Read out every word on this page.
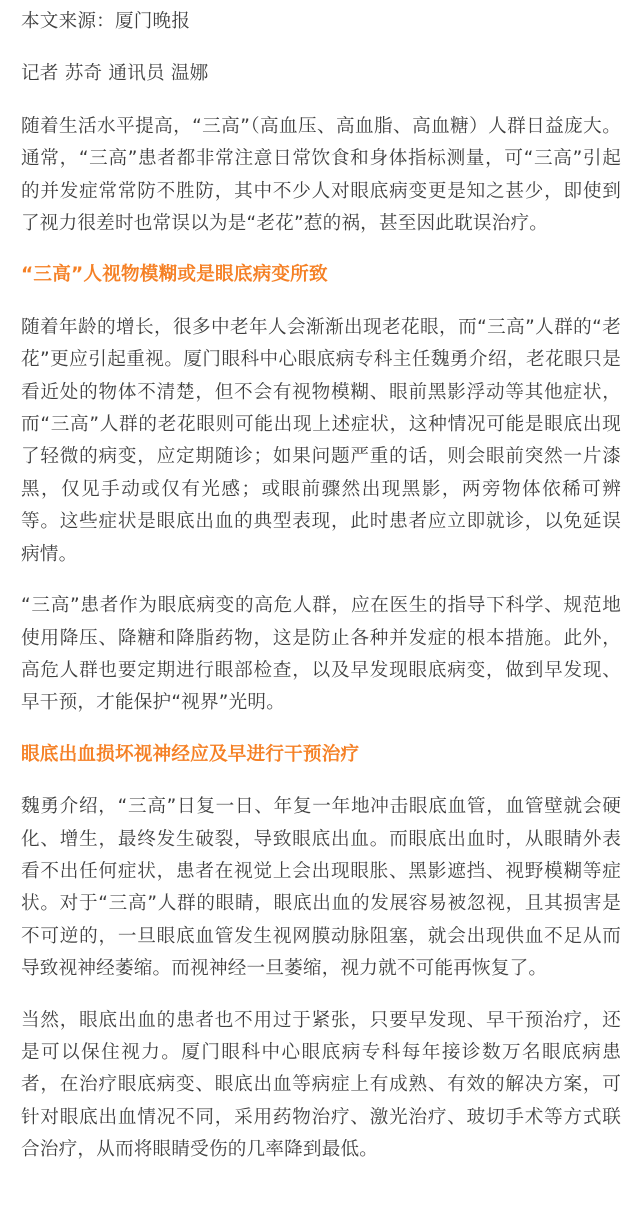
本文来源：厦门晚报

记者 苏奇 通讯员 温娜

随着生活水平提高，“三高”（高血压、高血脂、高血糖）人群日益庞大。通常，“三高”患者都非常注意日常饮食和身体指标测量，可“三高”引起的并发症常常防不胜防，其中不少人对眼底病变更是知之甚少，即使到了视力很差时也常误以为是“老花”惹的祸，甚至因此耽误治疗。

“三高”人视物模糊或是眼底病变所致

随着年龄的增长，很多中老年人会渐渐出现老花眼，而“三高”人群的“老花”更应引起重视。厦门眼科中心眼底病专科主任魏勇介绍，老花眼只是看近处的物体不清楚，但不会有视物模糊、眼前黑影浮动等其他症状，而“三高”人群的老花眼则可能出现上述症状，这种情况可能是眼底出现了轻微的病变，应定期随诊；如果问题严重的话，则会眼前突然一片漆黑，仅见手动或仅有光感；或眼前骤然出现黑影，两旁物体依稀可辨等。这些症状是眼底出血的典型表现，此时患者应立即就诊，以免延误病情。

“三高”患者作为眼底病变的高危人群，应在医生的指导下科学、规范地使用降压、降糖和降脂药物，这是防止各种并发症的根本措施。此外，高危人群也要定期进行眼部检查，以及早发现眼底病变，做到早发现、早干预，才能保护“视界”光明。

眼底出血损坏视神经应及早进行干预治疗

魏勇介绍，“三高”日复一日、年复一年地冲击眼底血管，血管壁就会硬化、增生，最终发生破裂，导致眼底出血。而眼底出血时，从眼睛外表看不出任何症状，患者在视觉上会出现眼胀、黑影遮挡、视野模糊等症状。对于“三高”人群的眼睛，眼底出血的发展容易被忽视，且其损害是不可逆的，一旦眼底血管发生视网膜动脉阻塞，就会出现供血不足从而导致视神经萎缩。而视神经一旦萎缩，视力就不可能再恢复了。

当然，眼底出血的患者也不用过于紧张，只要早发现、早干预治疗，还是可以保住视力。厦门眼科中心眼底病专科每年接诊数万名眼底病患者，在治疗眼底病变、眼底出血等病症上有成熟、有效的解决方案，可针对眼底出血情况不同，采用药物治疗、激光治疗、玻切手术等方式联合治疗，从而将眼睛受伤的几率降到最低。
